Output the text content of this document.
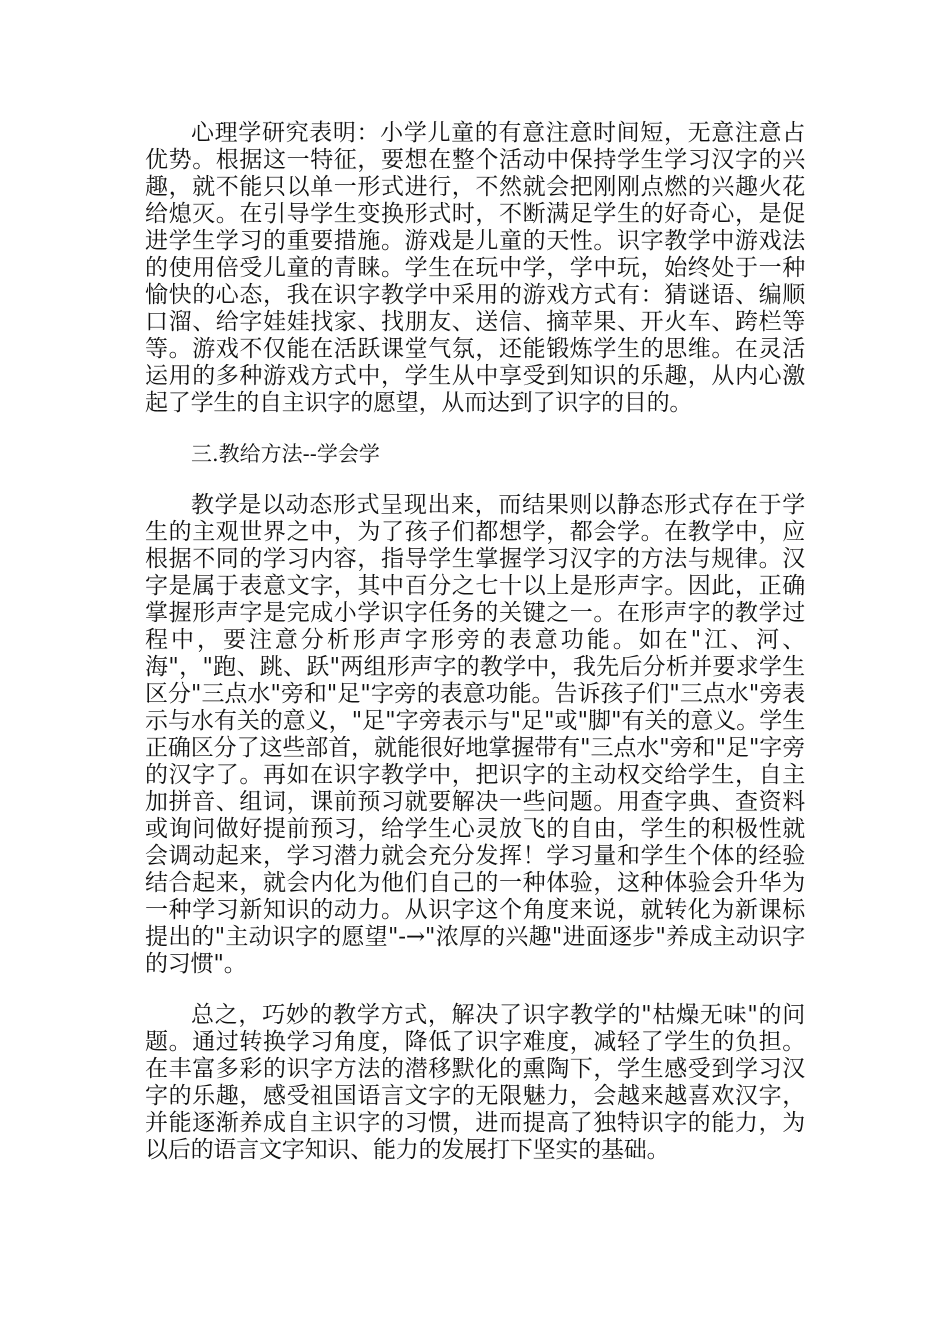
心理学研究表明：小学儿童的有意注意时间短，无意注意占优势。根据这一特征，要想在整个活动中保持学生学习汉字的兴趣，就不能只以单一形式进行，不然就会把刚刚点燃的兴趣火花给熄灭。在引导学生变换形式时，不断满足学生的好奇心，是促进学生学习的重要措施。游戏是儿童的天性。识字教学中游戏法的使用倍受儿童的青睐。学生在玩中学，学中玩，始终处于一种愉快的心态，我在识字教学中采用的游戏方式有：猜谜语、编顺口溜、给字娃娃找家、找朋友、送信、摘苹果、开火车、跨栏等等。游戏不仅能在活跃课堂气氛，还能锻炼学生的思维。在灵活运用的多种游戏方式中，学生从中享受到知识的乐趣，从内心激起了学生的自主识字的愿望，从而达到了识字的目的。

三.教给方法--学会学

教学是以动态形式呈现出来，而结果则以静态形式存在于学生的主观世界之中，为了孩子们都想学，都会学。在教学中，应根据不同的学习内容，指导学生掌握学习汉字的方法与规律。汉字是属于表意文字，其中百分之七十以上是形声字。因此，正确掌握形声字是完成小学识字任务的关键之一。在形声字的教学过程中，要注意分析形声字形旁的表意功能。如在"江、河、海"，"跑、跳、跃"两组形声字的教学中，我先后分析并要求学生区分"三点水"旁和"足"字旁的表意功能。告诉孩子们"三点水"旁表示与水有关的意义，"足"字旁表示与"足"或"脚"有关的意义。学生正确区分了这些部首，就能很好地掌握带有"三点水"旁和"足"字旁的汉字了。再如在识字教学中，把识字的主动权交给学生，自主加拼音、组词，课前预习就要解决一些问题。用查字典、查资料或询问做好提前预习，给学生心灵放飞的自由，学生的积极性就会调动起来，学习潜力就会充分发挥！学习量和学生个体的经验结合起来，就会内化为他们自己的一种体验，这种体验会升华为一种学习新知识的动力。从识字这个角度来说，就转化为新课标提出的"主动识字的愿望"-→"浓厚的兴趣"进面逐步"养成主动识字的习惯"。

总之，巧妙的教学方式，解决了识字教学的"枯燥无味"的问题。通过转换学习角度，降低了识字难度，减轻了学生的负担。在丰富多彩的识字方法的潜移默化的熏陶下，学生感受到学习汉字的乐趣，感受祖国语言文字的无限魅力，会越来越喜欢汉字，并能逐渐养成自主识字的习惯，进而提高了独特识字的能力，为以后的语言文字知识、能力的发展打下坚实的基础。
